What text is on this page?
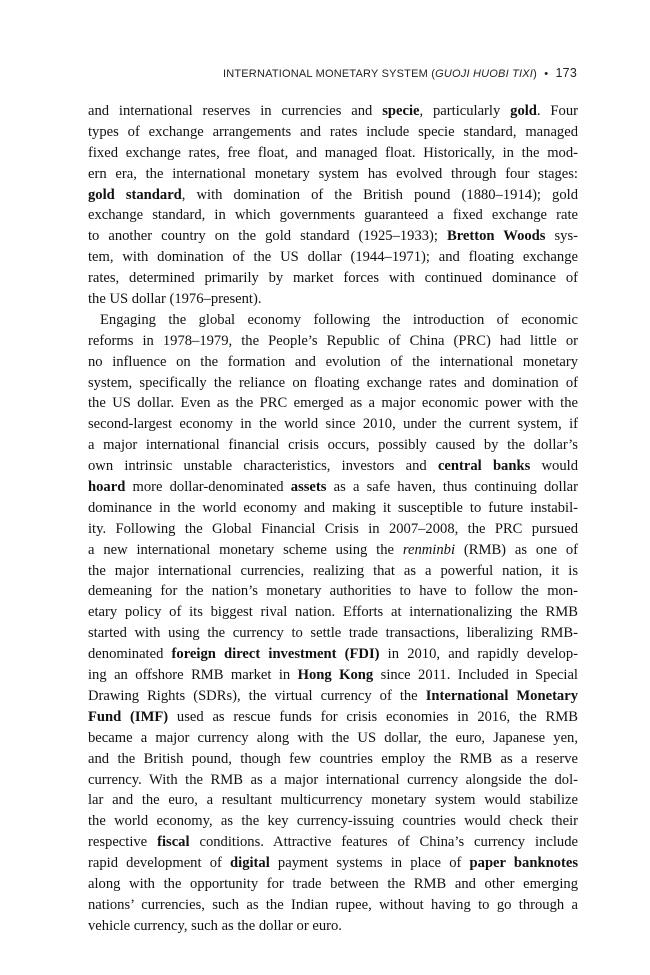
INTERNATIONAL MONETARY SYSTEM (GUOJI HUOBI TIXI) • 173
and international reserves in currencies and specie, particularly gold. Four
types of exchange arrangements and rates include specie standard, managed
fixed exchange rates, free float, and managed float. Historically, in the mod-
ern era, the international monetary system has evolved through four stages:
gold standard, with domination of the British pound (1880–1914); gold
exchange standard, in which governments guaranteed a fixed exchange rate
to another country on the gold standard (1925–1933); Bretton Woods sys-
tem, with domination of the US dollar (1944–1971); and floating exchange
rates, determined primarily by market forces with continued dominance of
the US dollar (1976–present).
Engaging the global economy following the introduction of economic
reforms in 1978–1979, the People’s Republic of China (PRC) had little or
no influence on the formation and evolution of the international monetary
system, specifically the reliance on floating exchange rates and domination of
the US dollar. Even as the PRC emerged as a major economic power with the
second-largest economy in the world since 2010, under the current system, if
a major international financial crisis occurs, possibly caused by the dollar’s
own intrinsic unstable characteristics, investors and central banks would
hoard more dollar-denominated assets as a safe haven, thus continuing dollar
dominance in the world economy and making it susceptible to future instabil-
ity. Following the Global Financial Crisis in 2007–2008, the PRC pursued
a new international monetary scheme using the renminbi (RMB) as one of
the major international currencies, realizing that as a powerful nation, it is
demeaning for the nation’s monetary authorities to have to follow the mon-
etary policy of its biggest rival nation. Efforts at internationalizing the RMB
started with using the currency to settle trade transactions, liberalizing RMB-
denominated foreign direct investment (FDI) in 2010, and rapidly develop-
ing an offshore RMB market in Hong Kong since 2011. Included in Special
Drawing Rights (SDRs), the virtual currency of the International Monetary
Fund (IMF) used as rescue funds for crisis economies in 2016, the RMB
became a major currency along with the US dollar, the euro, Japanese yen,
and the British pound, though few countries employ the RMB as a reserve
currency. With the RMB as a major international currency alongside the dol-
lar and the euro, a resultant multicurrency monetary system would stabilize
the world economy, as the key currency-issuing countries would check their
respective fiscal conditions. Attractive features of China’s currency include
rapid development of digital payment systems in place of paper banknotes
along with the opportunity for trade between the RMB and other emerging
nations’ currencies, such as the Indian rupee, without having to go through a
vehicle currency, such as the dollar or euro.
